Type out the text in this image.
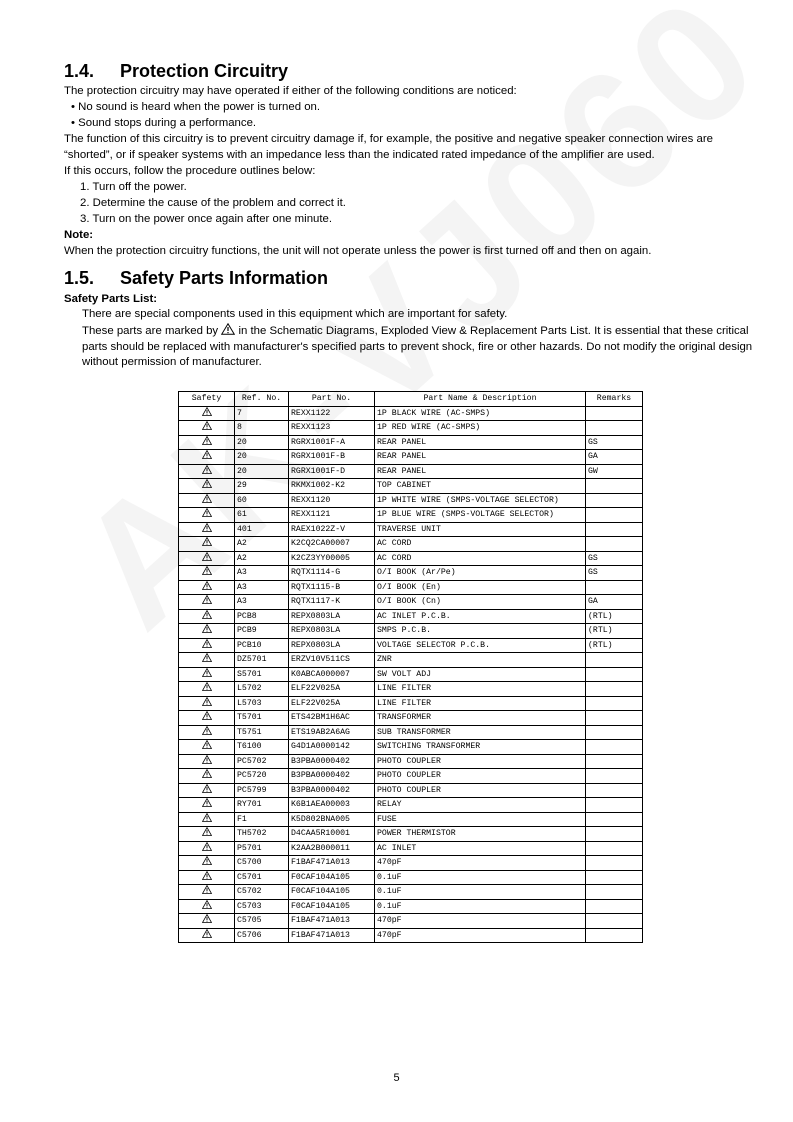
1.4. Protection Circuitry

The protection circuitry may have operated if either of the following conditions are noticed:

• No sound is heard when the power is turned on.

• Sound stops during a performance.

The function of this circuitry is to prevent circuitry damage if, for example, the positive and negative speaker connection wires are

“shorted”, or if speaker systems with an impedance less than the indicated rated impedance of the amplifier are used.

If this occurs, follow the procedure outlines below:

1. Turn off the power.

2. Determine the cause of the problem and correct it.

3. Turn on the power once again after one minute.

Note:

When the protection circuitry functions, the unit will not operate unless the power is first turned off and then on again.

1.5. Safety Parts Information

Safety Parts List:

There are special components used in this equipment which are important for safety.

These parts are marked by in the Schematic Diagrams, Exploded View & Replacement Parts List. It is essential that these critical parts should be replaced with manufacturer's specified parts to prevent shock, fire or other hazards. Do not modify the original design without permission of manufacturer.

Safety	Ref. No.	Part No.	Part Name & Description	Remarks
	7	REXX1122	1P BLACK WIRE (AC-SMPS)	
	8	REXX1123	1P RED WIRE (AC-SMPS)	
	20	RGRX1001F-A	REAR PANEL	GS
	20	RGRX1001F-B	REAR PANEL	GA
	20	RGRX1001F-D	REAR PANEL	GW
	29	RKMX1002-K2	TOP CABINET	
	60	REXX1120	1P WHITE WIRE (SMPS-VOLTAGE SELECTOR)	
	61	REXX1121	1P BLUE WIRE (SMPS-VOLTAGE SELECTOR)	
	401	RAEX1022Z-V	TRAVERSE UNIT	
	A2	K2CQ2CA00007	AC CORD	
	A2	K2CZ3YY00005	AC CORD	GS
	A3	RQTX1114-G	O/I BOOK (Ar/Pe)	GS
	A3	RQTX1115-B	O/I BOOK (En)	
	A3	RQTX1117-K	O/I BOOK (Cn)	GA
	PCB8	REPX0803LA	AC INLET P.C.B.	(RTL)
	PCB9	REPX0803LA	SMPS P.C.B.	(RTL)
	PCB10	REPX0803LA	VOLTAGE SELECTOR P.C.B.	(RTL)
	DZ5701	ERZV10V511CS	ZNR	
	S5701	K0ABCA000007	SW VOLT ADJ	
	L5702	ELF22V025A	LINE FILTER	
	L5703	ELF22V025A	LINE FILTER	
	T5701	ETS42BM1H6AC	TRANSFORMER	
	T5751	ETS19AB2A6AG	SUB TRANSFORMER	
	T6100	G4D1A0000142	SWITCHING TRANSFORMER	
	PC5702	B3PBA0000402	PHOTO COUPLER	
	PC5720	B3PBA0000402	PHOTO COUPLER	
	PC5799	B3PBA0000402	PHOTO COUPLER	
	RY701	K6B1AEA00003	RELAY	
	F1	K5D802BNA005	FUSE	
	TH5702	D4CAA5R10001	POWER THERMISTOR	
	P5701	K2AA2B000011	AC INLET	
	C5700	F1BAF471A013	470pF	
	C5701	F0CAF104A105	0.1uF	
	C5702	F0CAF104A105	0.1uF	
	C5703	F0CAF104A105	0.1uF	
	C5705	F1BAF471A013	470pF	
	C5706	F1BAF471A013	470pF	
5
